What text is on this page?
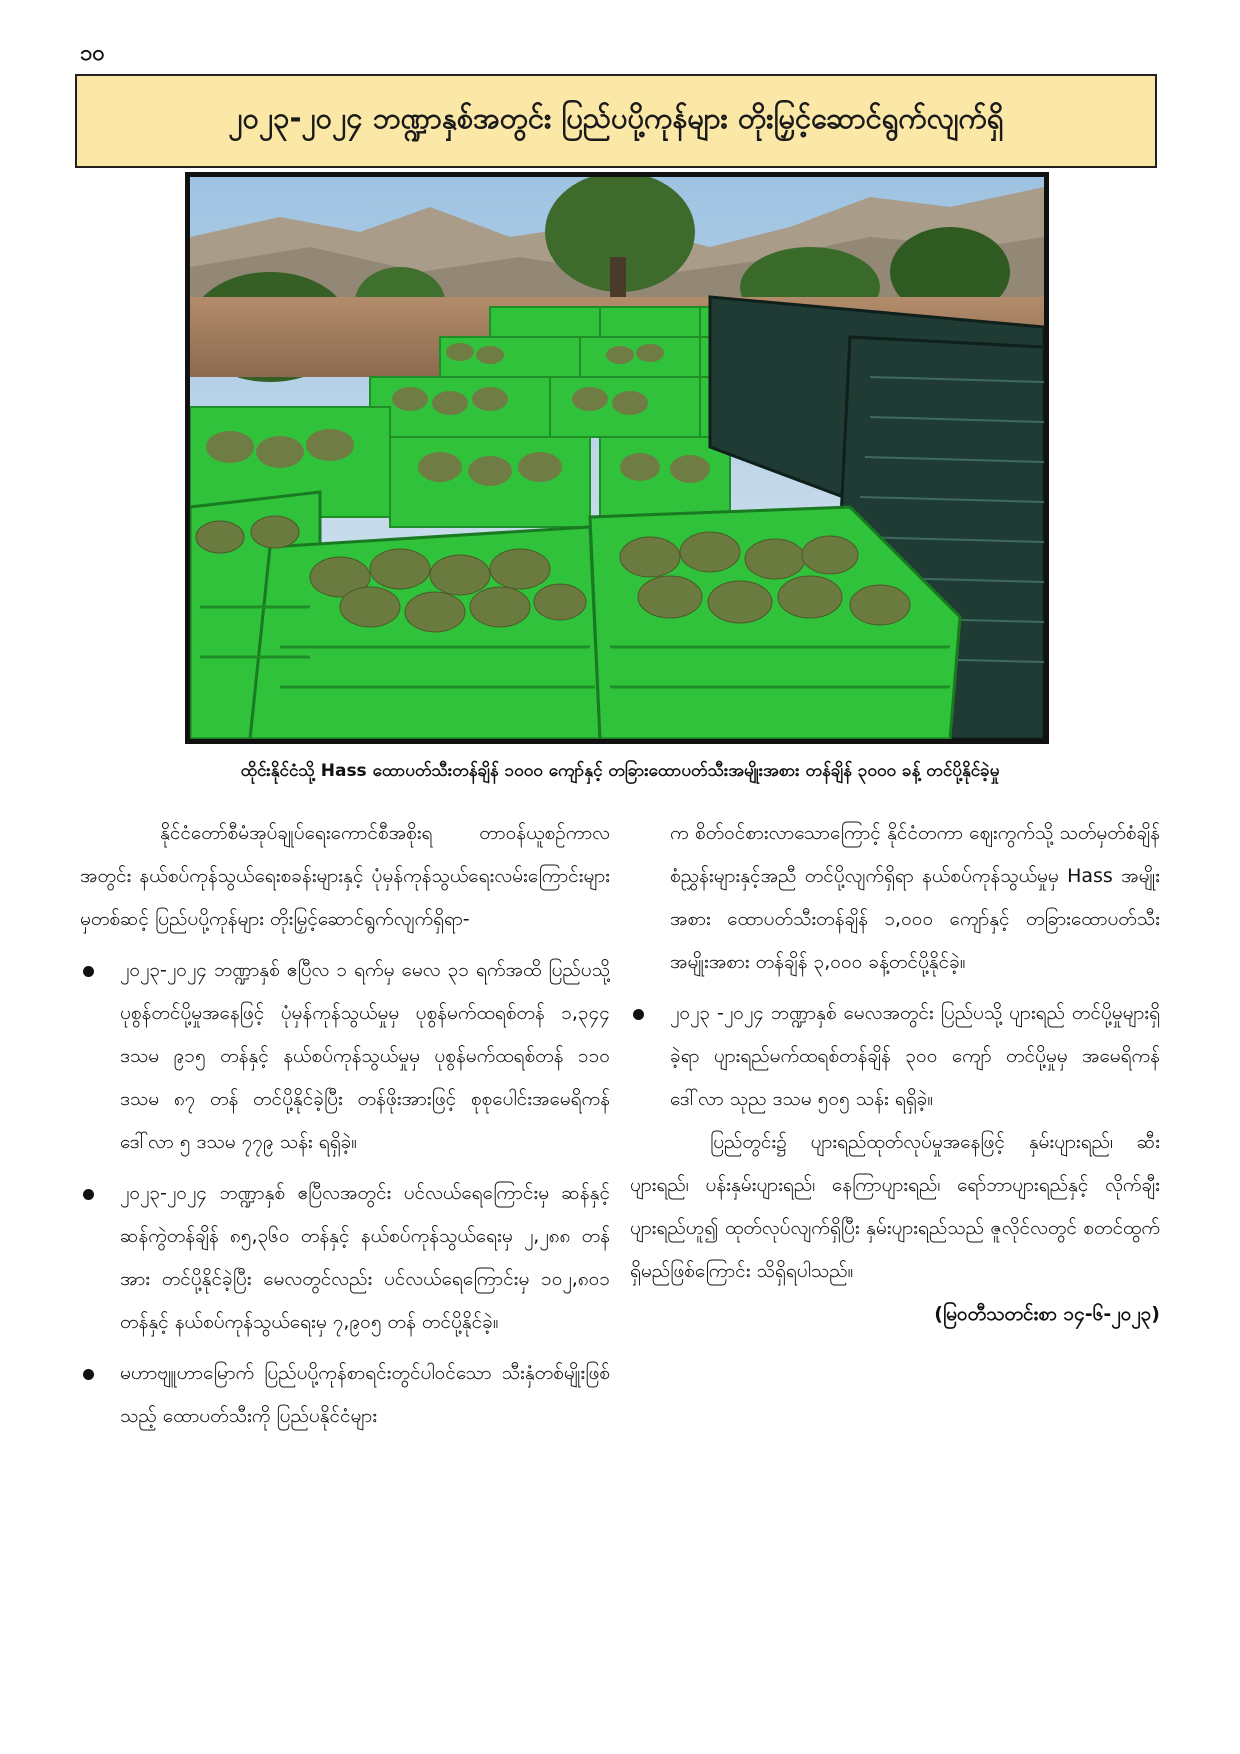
၁၀
၂၀၂၃-၂၀၂၄ ဘဏ္ဍာနှစ်အတွင်း ပြည်ပပို့ကုန်များ တိုးမြှင့်ဆောင်ရွက်လျက်ရှိ
ထိုင်းနိုင်ငံသို့ Hass ထောပတ်သီးတန်ချိန် ၁၀၀၀ ကျော်နှင့် တခြားထောပတ်သီးအမျိုးအစား တန်ချိန် ၃၀၀၀ ခန့် တင်ပို့နိုင်ခဲ့မှု

နိုင်ငံတော်စီမံအုပ်ချုပ်ရေးကောင်စီအစိုးရ တာဝန်ယူစဉ်ကာလအတွင်း နယ်စပ်ကုန်သွယ်ရေးစခန်းများနှင့် ပုံမှန်ကုန်သွယ်ရေးလမ်းကြောင်းများမှတစ်ဆင့် ပြည်ပပို့ကုန်များ တိုးမြှင့်ဆောင်ရွက်လျက်ရှိရာ-

၂၀၂၃-၂၀၂၄ ဘဏ္ဍာနှစ် ဧပြီလ ၁ ရက်မှ မေလ ၃၁ ရက်အထိ ပြည်ပသို့ ပုစွန်တင်ပို့မှုအနေဖြင့် ပုံမှန်ကုန်သွယ်မှုမှ ပုစွန်မက်ထရစ်တန် ၁,၃၄၄ ဒသမ ၉၁၅ တန်နှင့် နယ်စပ်ကုန်သွယ်မှုမှ ပုစွန်မက်ထရစ်တန် ၁၁၀ ဒသမ ၈၇ တန် တင်ပို့နိုင်ခဲ့ပြီး တန်ဖိုးအားဖြင့် စုစုပေါင်းအမေရိကန်ဒေါ်လာ ၅ ဒသမ ၇၇၉ သန်း ရရှိခဲ့။
၂၀၂၃-၂၀၂၄ ဘဏ္ဍာနှစ် ဧပြီလအတွင်း ပင်လယ်ရေကြောင်းမှ ဆန်နှင့်ဆန်ကွဲတန်ချိန် ၈၅,၃၆၀ တန်နှင့် နယ်စပ်ကုန်သွယ်ရေးမှ ၂,၂၈၈ တန်အား တင်ပို့နိုင်ခဲ့ပြီး မေလတွင်လည်း ပင်လယ်ရေကြောင်းမှ ၁၀၂,၈၀၁ တန်နှင့် နယ်စပ်ကုန်သွယ်ရေးမှ ၇,၉၀၅ တန် တင်ပို့နိုင်ခဲ့။
မဟာဗျူဟာမြောက် ပြည်ပပို့ကုန်စာရင်းတွင်ပါဝင်သော သီးနှံတစ်မျိုးဖြစ်သည့် ထောပတ်သီးကို ပြည်ပနိုင်ငံများ

က စိတ်ဝင်စားလာသောကြောင့် နိုင်ငံတကာ ဈေးကွက်သို့ သတ်မှတ်စံချိန်စံညွှန်းများနှင့်အညီ တင်ပို့လျက်ရှိရာ နယ်စပ်ကုန်သွယ်မှုမှ Hass အမျိုးအစား ထောပတ်သီးတန်ချိန် ၁,၀၀၀ ကျော်နှင့် တခြားထောပတ်သီး အမျိုးအစား တန်ချိန် ၃,၀၀၀ ခန့်တင်ပို့နိုင်ခဲ့။

၂၀၂၃ -၂၀၂၄ ဘဏ္ဍာနှစ် မေလအတွင်း ပြည်ပသို့ ပျားရည် တင်ပို့မှုများရှိခဲ့ရာ ပျားရည်မက်ထရစ်တန်ချိန် ၃၀၀ ကျော် တင်ပို့မှုမှ အမေရိကန်ဒေါ်လာ သုည ဒသမ ၅၀၅ သန်း ရရှိခဲ့။

ပြည်တွင်း၌ ပျားရည်ထုတ်လုပ်မှုအနေဖြင့် နှမ်းပျားရည်၊ ဆီးပျားရည်၊ ပန်းနှမ်းပျားရည်၊ နေကြာပျားရည်၊ ရော်ဘာပျားရည်နှင့် လိုက်ချီးပျားရည်ဟူ၍ ထုတ်လုပ်လျက်ရှိပြီး နှမ်းပျားရည်သည် ဇူလိုင်လတွင် စတင်ထွက်ရှိမည်ဖြစ်ကြောင်း သိရှိရပါသည်။

(မြဝတီသတင်းစာ ၁၄-၆-၂၀၂၃)
